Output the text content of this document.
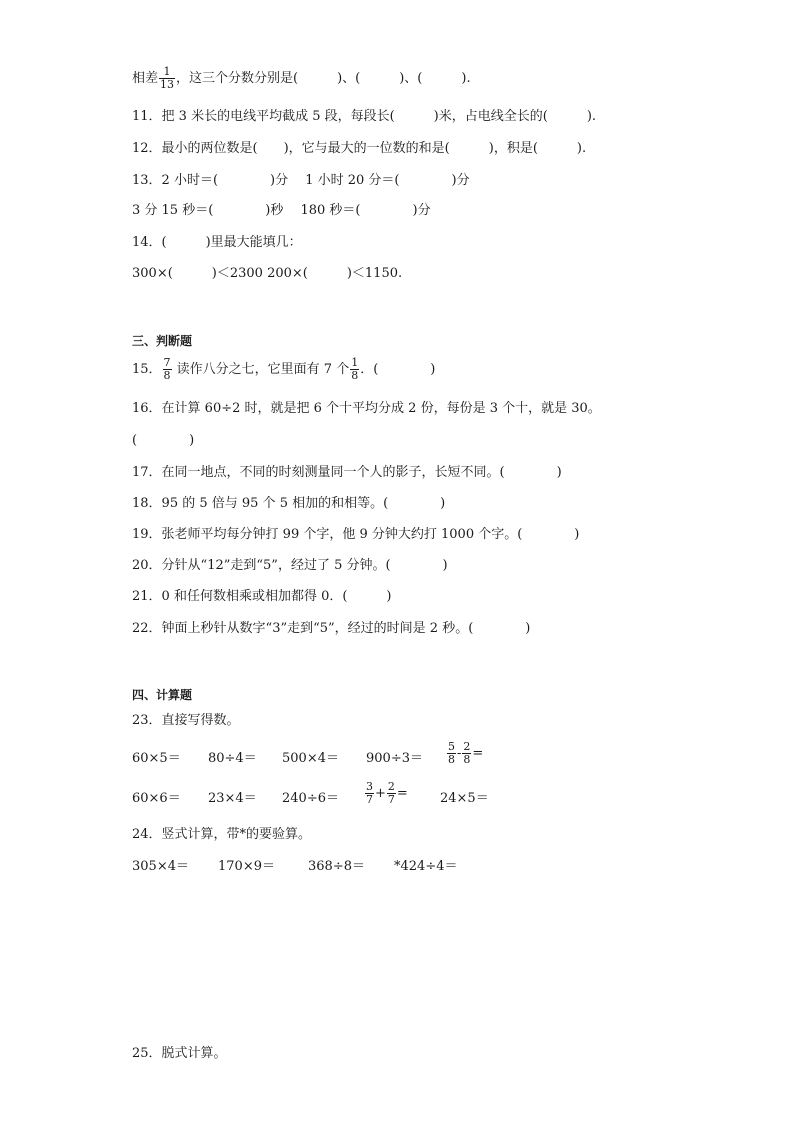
相差 $\frac{1}{13}$ ，这三个分数分别是(　　　)、(　　　)、(　　　).
11．把 3 米长的电线平均截成 5 段，每段长(　　　)米，占电线全长的(　　　).
12．最小的两位数是(　　)，它与最大的一位数的和是(　　　)，积是(　　　).
13．2 小时＝(　　　　)分　 1 小时 20 分＝(　　　　)分
3 分 15 秒＝(　　　　)秒　 180 秒＝(　　　　)分
14．(　　　)里最大能填几：
300×(　　　)＜2300 200×(　　　)＜1150.
三、判断题
15． $\frac{7}{8}$ 读作八分之七，它里面有 7 个 $\frac{1}{8}$ ．(　　　　)
16．在计算 60÷2 时，就是把 6 个十平均分成 2 份，每份是 3 个十，就是 30。
(　　　　)
17．在同一地点，不同的时刻测量同一个人的影子，长短不同。(　　　　)
18．95 的 5 倍与 95 个 5 相加的和相等。(　　　　)
19．张老师平均每分钟打 99 个字，他 9 分钟大约打 1000 个字。(　　　　)
20．分针从“12”走到“5”，经过了 5 分钟。(　　　　)
21．0 和任何数相乘或相加都得 0．(　　　)
22．钟面上秒针从数字“3”走到“5”，经过的时间是 2 秒。(　　　　)
四、计算题
23．直接写得数。
$60\times 5= 80\div 4= 500\times 4= 900\div 3= \frac{5}{8} - \frac{2}{8}$ =
$60\times 6= 23\times 4= 240\div 6= \frac{3}{7} + \frac{2}{7} = 24\times 5=$
24．竖式计算，带*的要验算。
305×4＝ 170×9＝	368÷8＝ *424÷4＝
25．脱式计算。
